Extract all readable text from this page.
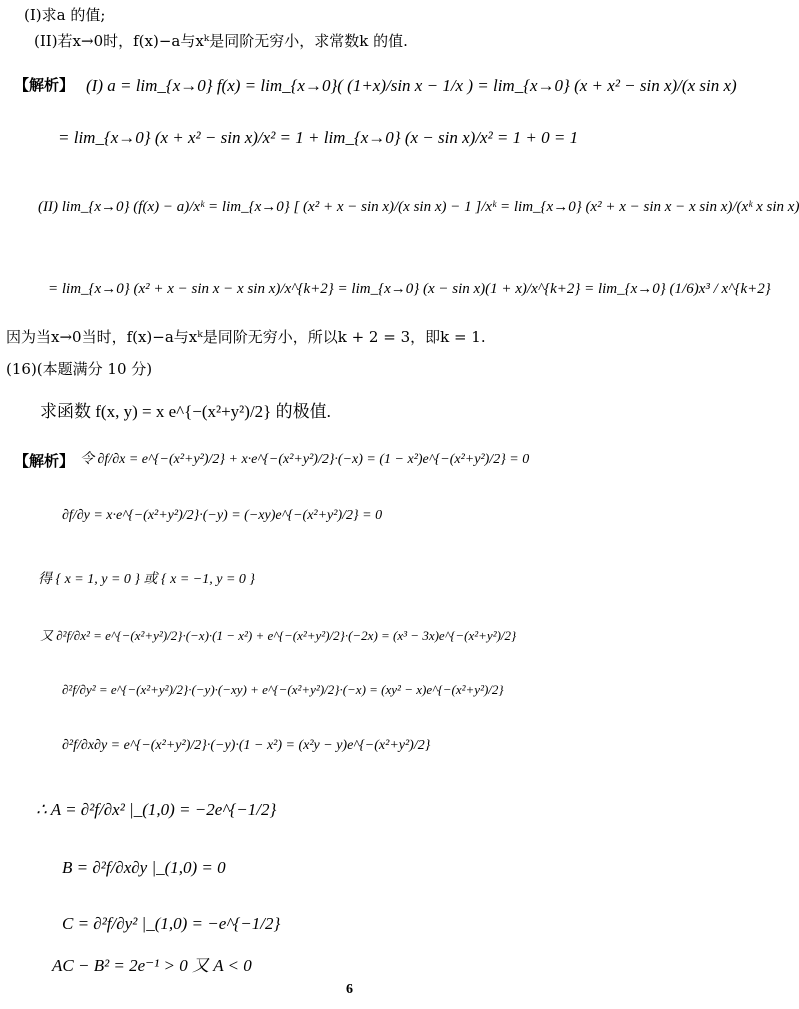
(I)求a 的值;
(II)若x→0时，f(x)−a与xᵏ是同阶无穷小，求常数k 的值.
【解析】 (I) a = lim_{x→0} f(x) = lim_{x→0}( (1+x)/sin x − 1/x ) = lim_{x→0} (x + x² − sin x)/(x sin x)
= lim_{x→0} (x + x² − sin x)/x² = 1 + lim_{x→0} (x − sin x)/x² = 1 + 0 = 1
(II) lim_{x→0} (f(x) − a)/xᵏ = lim_{x→0} [ (x² + x − sin x)/(x sin x) − 1 ]/xᵏ = lim_{x→0} (x² + x − sin x − x sin x)/(xᵏ x sin x)
= lim_{x→0} (x² + x − sin x − x sin x)/x^{k+2} = lim_{x→0} (x − sin x)(1 + x)/x^{k+2} = lim_{x→0} (1/6)x³ / x^{k+2}
因为当x→0当时，f(x)−a与xᵏ是同阶无穷小，所以k + 2 = 3，即k = 1.
(16)(本题满分 10 分)
求函数 f(x, y) = x e^{−(x²+y²)/2} 的极值.
【解析】 令 ∂f/∂x = e^{−(x²+y²)/2} + x·e^{−(x²+y²)/2}·(−x) = (1 − x²)e^{−(x²+y²)/2} = 0
∂f/∂y = x·e^{−(x²+y²)/2}·(−y) = (−xy)e^{−(x²+y²)/2} = 0
得 { x = 1, y = 0 } 或 { x = −1, y = 0 }
又 ∂²f/∂x² = e^{−(x²+y²)/2}·(−x)·(1 − x²) + e^{−(x²+y²)/2}·(−2x) = (x³ − 3x)e^{−(x²+y²)/2}
∂²f/∂y² = e^{−(x²+y²)/2}·(−y)·(−xy) + e^{−(x²+y²)/2}·(−x) = (xy² − x)e^{−(x²+y²)/2}
∂²f/∂x∂y = e^{−(x²+y²)/2}·(−y)·(1 − x²) = (x²y − y)e^{−(x²+y²)/2}
∴ A = ∂²f/∂x² |_(1,0) = −2e^{−1/2}
B = ∂²f/∂x∂y |_(1,0) = 0
C = ∂²f/∂y² |_(1,0) = −e^{−1/2}
AC − B² = 2e⁻¹ > 0 又 A < 0
6
